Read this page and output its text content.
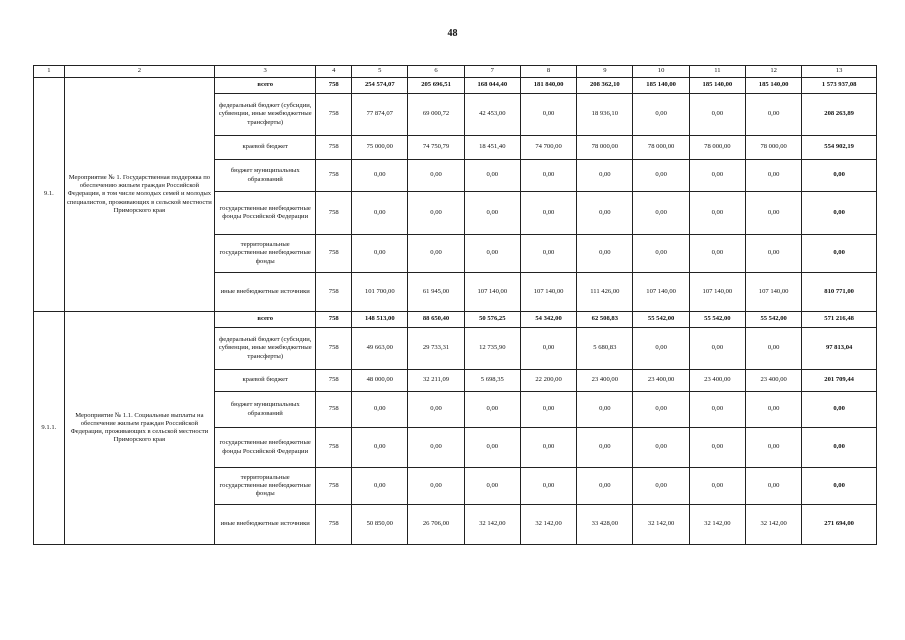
48
1	2	3	4	5	6	7	8	9	10	11	12	13
9.1.	Мероприятие № 1. Государственная поддержка по обеспечению жильем граждан Российской Федерации, в том числе молодых семей и молодых специалистов, проживающих в сельской местности Приморского края	всего	758	254 574,07	205 696,51	168 044,40	181 840,00	208 362,10	185 140,00	185 140,00	185 140,00	1 573 937,08
		федеральный бюджет (субсидии, субвенции, иные межбюджетные трансферты)	758	77 874,07	69 000,72	42 453,00	0,00	18 936,10	0,00	0,00	0,00	208 263,89
		краевой бюджет	758	75 000,00	74 750,79	18 451,40	74 700,00	78 000,00	78 000,00	78 000,00	78 000,00	554 902,19
		бюджет муниципальных образований	758	0,00	0,00	0,00	0,00	0,00	0,00	0,00	0,00	0,00
		государственные внебюджетные фонды Российской Федерации	758	0,00	0,00	0,00	0,00	0,00	0,00	0,00	0,00	0,00
		территориальные государственные внебюджетные фонды	758	0,00	0,00	0,00	0,00	0,00	0,00	0,00	0,00	0,00
		иные внебюджетные источники	758	101 700,00	61 945,00	107 140,00	107 140,00	111 426,00	107 140,00	107 140,00	107 140,00	810 771,00
9.1.1.	Мероприятие № 1.1. Социальные выплаты на обеспечение жильем граждан Российской Федерации, проживающих в сельской местности Приморского края	всего	758	148 513,00	88 650,40	50 576,25	54 342,00	62 508,83	55 542,00	55 542,00	55 542,00	571 216,48
		федеральный бюджет (субсидии, субвенции, иные межбюджетные трансферты)	758	49 663,00	29 733,31	12 735,90	0,00	5 680,83	0,00	0,00	0,00	97 813,04
		краевой бюджет	758	48 000,00	32 211,09	5 698,35	22 200,00	23 400,00	23 400,00	23 400,00	23 400,00	201 709,44
		бюджет муниципальных образований	758	0,00	0,00	0,00	0,00	0,00	0,00	0,00	0,00	0,00
		государственные внебюджетные фонды Российской Федерации	758	0,00	0,00	0,00	0,00	0,00	0,00	0,00	0,00	0,00
		территориальные государственные внебюджетные фонды	758	0,00	0,00	0,00	0,00	0,00	0,00	0,00	0,00	0,00
		иные внебюджетные источники	758	50 850,00	26 706,00	32 142,00	32 142,00	33 428,00	32 142,00	32 142,00	32 142,00	271 694,00
